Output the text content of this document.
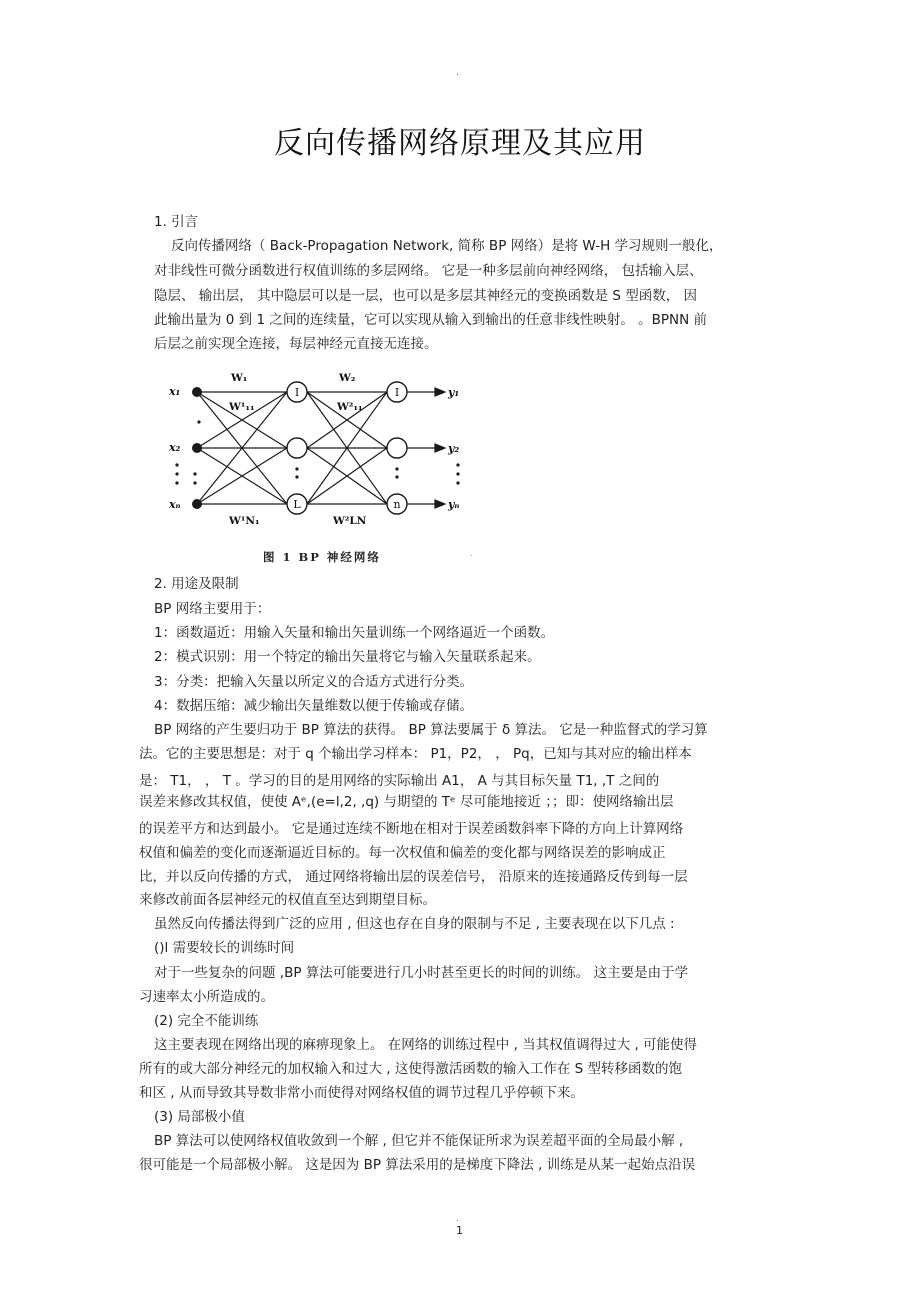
.
反向传播网络原理及其应用
1. 引言
反向传播网络（ Back-Propagation Network, 简称 BP 网络）是将 W-H 学习规则一般化，
对非线性可微分函数进行权值训练的多层网络。 它是一种多层前向神经网络， 包括输入层、
隐层、 输出层， 其中隐层可以是一层，也可以是多层其神经元的变换函数是 S 型函数， 因
此输出量为 0 到 1 之间的连续量，它可以实现从输入到输出的任意非线性映射。 。BPNN 前
后层之前实现全连接，每层神经元直接无连接。
I
L
I
n
x₁
x₂
xₙ
y₁
y₂
yₙ
W₁
W¹₁₁
W¹N₁
W₂
W²₁₁
W²LN
.
图 1 BP 神经网络
2. 用途及限制
BP 网络主要用于：
1：函数逼近：用输入矢量和输出矢量训练一个网络逼近一个函数。
2：模式识别：用一个特定的输出矢量将它与输入矢量联系起来。
3：分类：把输入矢量以所定义的合适方式进行分类。
4：数据压缩：减少输出矢量维数以便于传输或存储。
BP 网络的产生要归功于 BP 算法的获得。 BP 算法要属于 δ 算法。 它是一种监督式的学习算
法。它的主要思想是：对于 q 个输出学习样本： P1，P2， ， Pq，已知与其对应的输出样本
是： T1， ， T 。学习的目的是用网络的实际输出 A1， A 与其目标矢量 T1, ,T 之间的
误差来修改其权值，使使 Aᵉ,(e=l,2, ,q) 与期望的 Tᵉ 尽可能地接近 ；；即：使网络输出层
的误差平方和达到最小。 它是通过连续不断地在相对于误差函数斜率下降的方向上计算网络
权值和偏差的变化而逐渐逼近目标的。每一次权值和偏差的变化都与网络误差的影响成正
比，并以反向传播的方式， 通过网络将输出层的误差信号， 沿原来的连接通路反传到每一层
来修改前面各层神经元的权值直至达到期望目标。
虽然反向传播法得到广泛的应用 , 但这也存在自身的限制与不足 , 主要表现在以下几点 :
()l 需要较长的训练时间
对于一些复杂的问题 ,BP 算法可能要进行几小时甚至更长的时间的训练。 这主要是由于学
习速率太小所造成的。
(2) 完全不能训练
这主要表现在网络出现的麻痹现象上。 在网络的训练过程中 , 当其权值调得过大 , 可能使得
所有的或大部分神经元的加权输入和过大 , 这使得激活函数的输入工作在 S 型转移函数的饱
和区 , 从而导致其导数非常小而使得对网络权值的调节过程几乎停顿下来。
(3) 局部极小值
BP 算法可以使网络权值收敛到一个解 , 但它并不能保证所求为误差超平面的全局最小解 ,
很可能是一个局部极小解。 这是因为 BP 算法采用的是梯度下降法 , 训练是从某一起始点沿误
.
1
